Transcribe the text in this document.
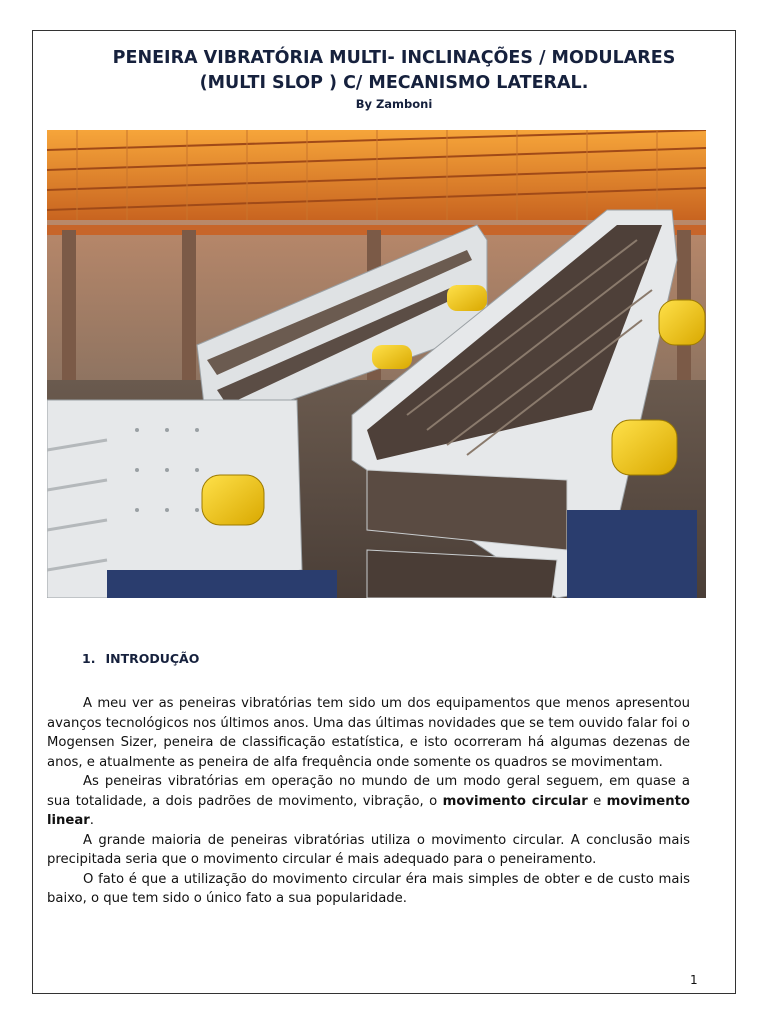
PENEIRA VIBRATÓRIA MULTI- INCLINAÇÕES / MODULARES
(MULTI SLOP ) C/ MECANISMO LATERAL.
By Zamboni
1. INTRODUÇÃO

A meu ver as peneiras vibratórias tem sido um dos equipamentos que menos apresentou avanços tecnológicos nos últimos anos. Uma das últimas novidades que se tem ouvido falar foi o Mogensen Sizer, peneira de classificação estatística, e isto ocorreram há algumas dezenas de anos, e atualmente as peneira de alfa frequência onde somente os quadros se movimentam.

As peneiras vibratórias em operação no mundo de um modo geral seguem, em quase a sua totalidade, a dois padrões de movimento, vibração, o movimento circular e movimento linear.

A grande maioria de peneiras vibratórias utiliza o movimento circular. A conclusão mais precipitada seria que o movimento circular é mais adequado para o peneiramento.

O fato é que a utilização do movimento circular éra mais simples de obter e de custo mais baixo, o que tem sido o único fato a sua popularidade.

1
